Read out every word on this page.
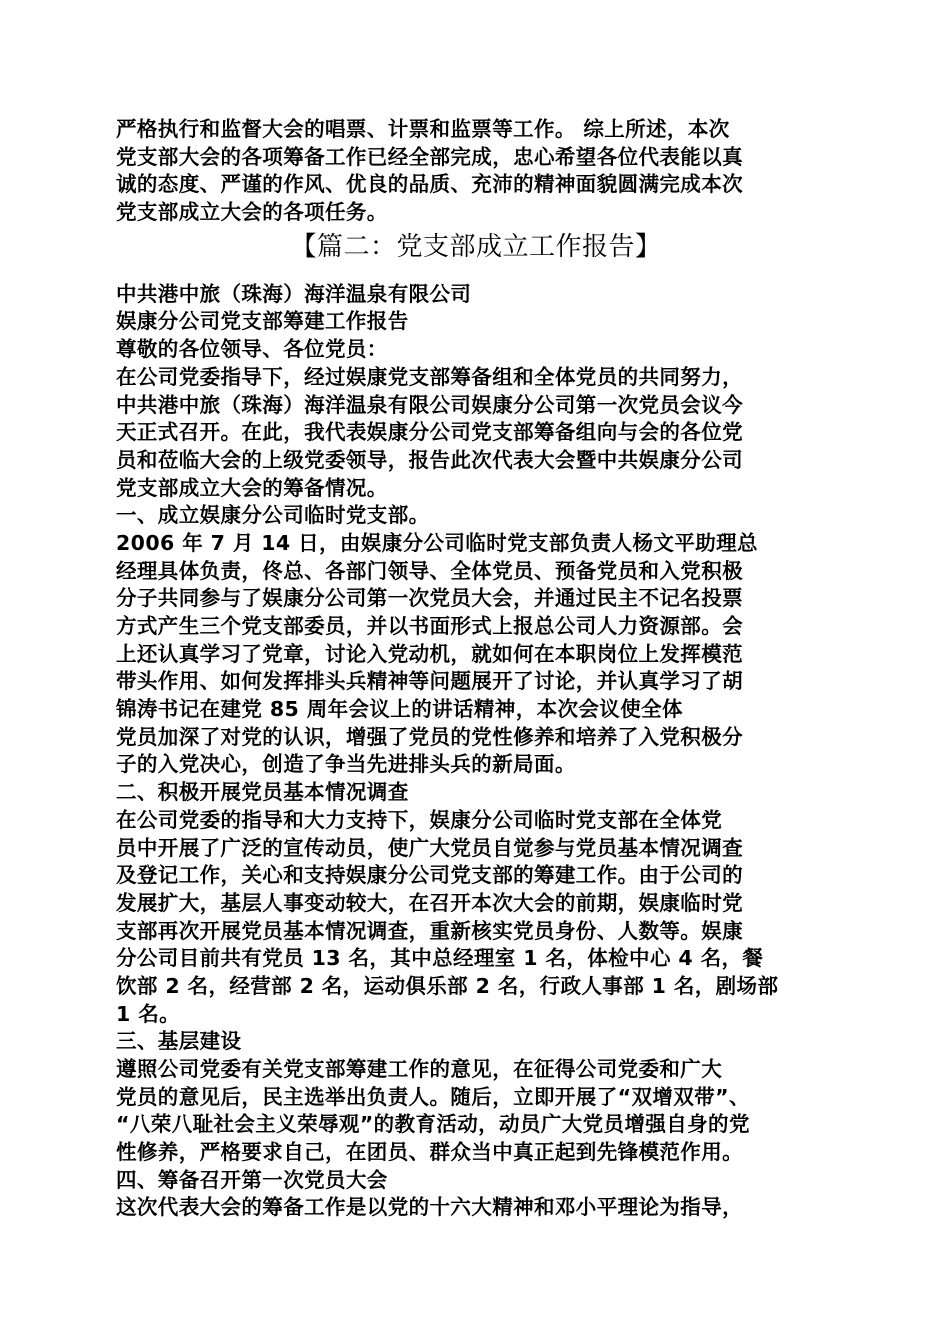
严格执行和监督大会的唱票、计票和监票等工作。 综上所述，本次
党支部大会的各项筹备工作已经全部完成，忠心希望各位代表能以真
诚的态度、严谨的作风、优良的品质、充沛的精神面貌圆满完成本次
党支部成立大会的各项任务。
【篇二：党支部成立工作报告】
中共港中旅（珠海）海洋温泉有限公司
娱康分公司党支部筹建工作报告
尊敬的各位领导、各位党员：
在公司党委指导下，经过娱康党支部筹备组和全体党员的共同努力，
中共港中旅（珠海）海洋温泉有限公司娱康分公司第一次党员会议今
天正式召开。在此，我代表娱康分公司党支部筹备组向与会的各位党
员和莅临大会的上级党委领导，报告此次代表大会暨中共娱康分公司
党支部成立大会的筹备情况。
一、成立娱康分公司临时党支部。
2006 年 7 月 14 日，由娱康分公司临时党支部负责人杨文平助理总
经理具体负责，佟总、各部门领导、全体党员、预备党员和入党积极
分子共同参与了娱康分公司第一次党员大会，并通过民主不记名投票
方式产生三个党支部委员，并以书面形式上报总公司人力资源部。会
上还认真学习了党章，讨论入党动机，就如何在本职岗位上发挥模范
带头作用、如何发挥排头兵精神等问题展开了讨论，并认真学习了胡
锦涛书记在建党 85 周年会议上的讲话精神，本次会议使全体
党员加深了对党的认识，增强了党员的党性修养和培养了入党积极分
子的入党决心，创造了争当先进排头兵的新局面。
二、积极开展党员基本情况调查
在公司党委的指导和大力支持下，娱康分公司临时党支部在全体党
员中开展了广泛的宣传动员，使广大党员自觉参与党员基本情况调查
及登记工作，关心和支持娱康分公司党支部的筹建工作。由于公司的
发展扩大，基层人事变动较大，在召开本次大会的前期，娱康临时党
支部再次开展党员基本情况调查，重新核实党员身份、人数等。娱康
分公司目前共有党员 13 名，其中总经理室 1 名，体检中心 4 名，餐
饮部 2 名，经营部 2 名，运动俱乐部 2 名，行政人事部 1 名，剧场部
1 名。
三、基层建设
遵照公司党委有关党支部筹建工作的意见，在征得公司党委和广大
党员的意见后，民主选举出负责人。随后，立即开展了“双增双带”、
“八荣八耻社会主义荣辱观”的教育活动，动员广大党员增强自身的党
性修养，严格要求自己，在团员、群众当中真正起到先锋模范作用。
四、筹备召开第一次党员大会
这次代表大会的筹备工作是以党的十六大精神和邓小平理论为指导，
